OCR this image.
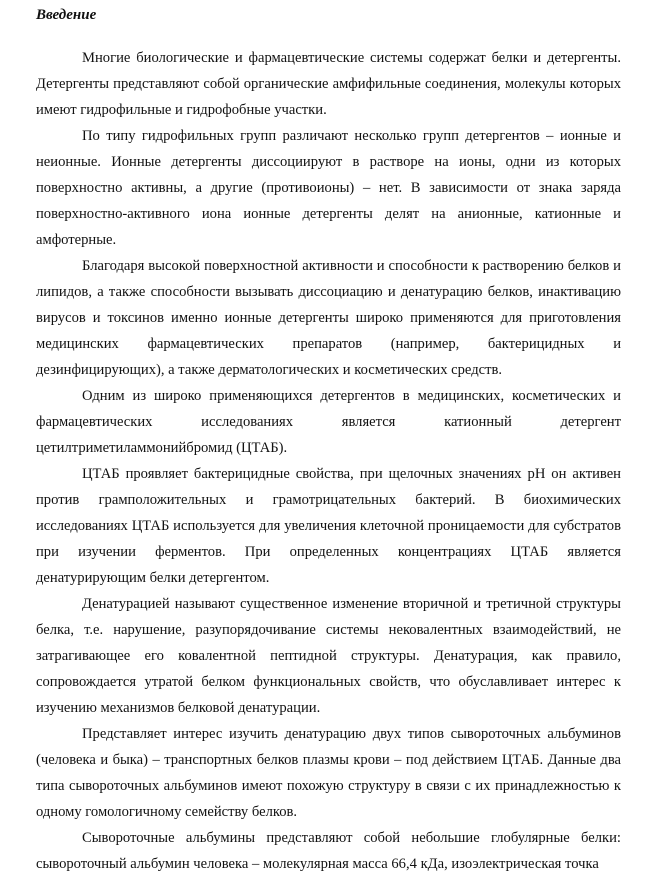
Введение

Многие биологические и фармацевтические системы содержат белки и детергенты. Детергенты представляют собой органические амфифильные соединения, молекулы которых имеют гидрофильные и гидрофобные участки.

По типу гидрофильных групп различают несколько групп детергентов – ионные и неионные. Ионные детергенты диссоциируют в растворе на ионы, одни из которых поверхностно активны, а другие (противоионы) – нет. В зависимости от знака заряда поверхностно-активного иона ионные детергенты делят на анионные, катионные и амфотерные.

Благодаря высокой поверхностной активности и способности к растворению белков и липидов, а также способности вызывать диссоциацию и денатурацию белков, инактивацию вирусов и токсинов именно ионные детергенты широко применяются для приготовления медицинских фармацевтических препаратов (например, бактерицидных и дезинфицирующих), а также дерматологических и косметических средств.

Одним из широко применяющихся детергентов в медицинских, косметических и фармацевтических исследованиях является катионный детергент цетилтриметиламмонийбромид (ЦТАБ).

ЦТАБ проявляет бактерицидные свойства, при щелочных значениях pH он активен против грамположительных и грамотрицательных бактерий. В биохимических исследованиях ЦТАБ используется для увеличения клеточной проницаемости для субстратов при изучении ферментов. При определенных концентрациях ЦТАБ является денатурирующим белки детергентом.

Денатурацией называют существенное изменение вторичной и третичной структуры белка, т.е. нарушение, разупорядочивание системы нековалентных взаимодействий, не затрагивающее его ковалентной пептидной структуры. Денатурация, как правило, сопровождается утратой белком функциональных свойств, что обуславливает интерес к изучению механизмов белковой денатурации.

Представляет интерес изучить денатурацию двух типов сывороточных альбуминов (человека и быка) – транспортных белков плазмы крови – под действием ЦТАБ. Данные два типа сывороточных альбуминов имеют похожую структуру в связи с их принадлежностью к одному гомологичному семейству белков.

Сывороточные альбумины представляют собой небольшие глобулярные белки: сывороточный альбумин человека – молекулярная масса 66,4 кДа, изоэлектрическая точка
